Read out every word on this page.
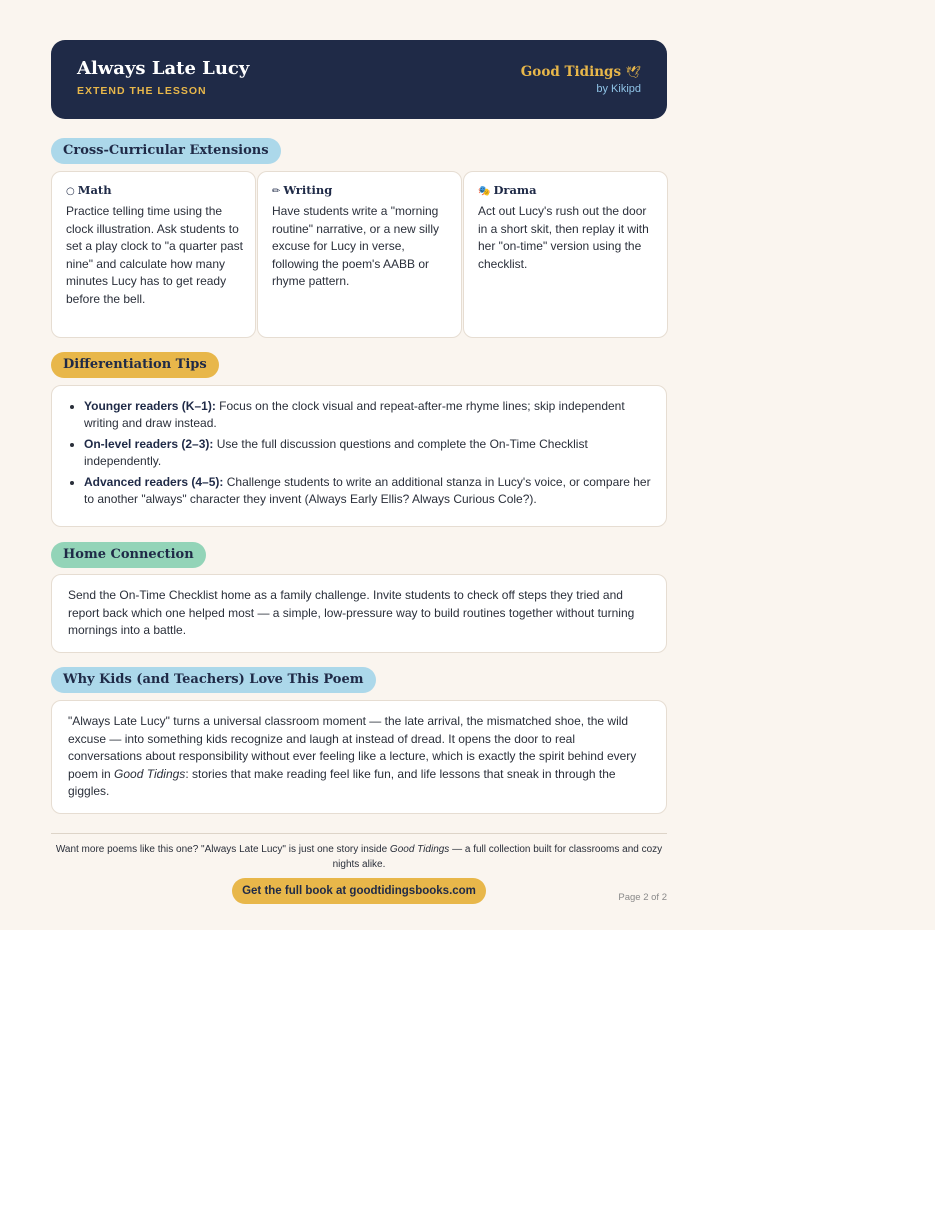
Always Late Lucy
EXTEND THE LESSON
Good Tidings 🕊
by Kikipd
Cross-Curricular Extensions
○ Math
Practice telling time using the clock illustration. Ask students to set a play clock to "a quarter past nine" and calculate how many minutes Lucy has to get ready before the bell.
✏ Writing
Have students write a "morning routine" narrative, or a new silly excuse for Lucy in verse, following the poem's AABB or rhyme pattern.
🎭 Drama
Act out Lucy's rush out the door in a short skit, then replay it with her "on-time" version using the checklist.
Differentiation Tips
• Younger readers (K–1): Focus on the clock visual and repeat-after-me rhyme lines; skip independent writing and draw instead.
• On-level readers (2–3): Use the full discussion questions and complete the On-Time Checklist independently.
• Advanced readers (4–5): Challenge students to write an additional stanza in Lucy's voice, or compare her to another "always" character they invent (Always Early Ellis? Always Curious Cole?).
Home Connection
Send the On-Time Checklist home as a family challenge. Invite students to check off steps they tried and report back which one helped most — a simple, low-pressure way to build routines together without turning mornings into a battle.
Why Kids (and Teachers) Love This Poem
"Always Late Lucy" turns a universal classroom moment — the late arrival, the mismatched shoe, the wild excuse — into something kids recognize and laugh at instead of dread. It opens the door to real conversations about responsibility without ever feeling like a lecture, which is exactly the spirit behind every poem in Good Tidings: stories that make reading feel like fun, and life lessons that sneak in through the giggles.
Want more poems like this one? "Always Late Lucy" is just one story inside Good Tidings — a full collection built for classrooms and cozy nights alike.
Get the full book at goodtidingsbooks.com
Page 2 of 2
